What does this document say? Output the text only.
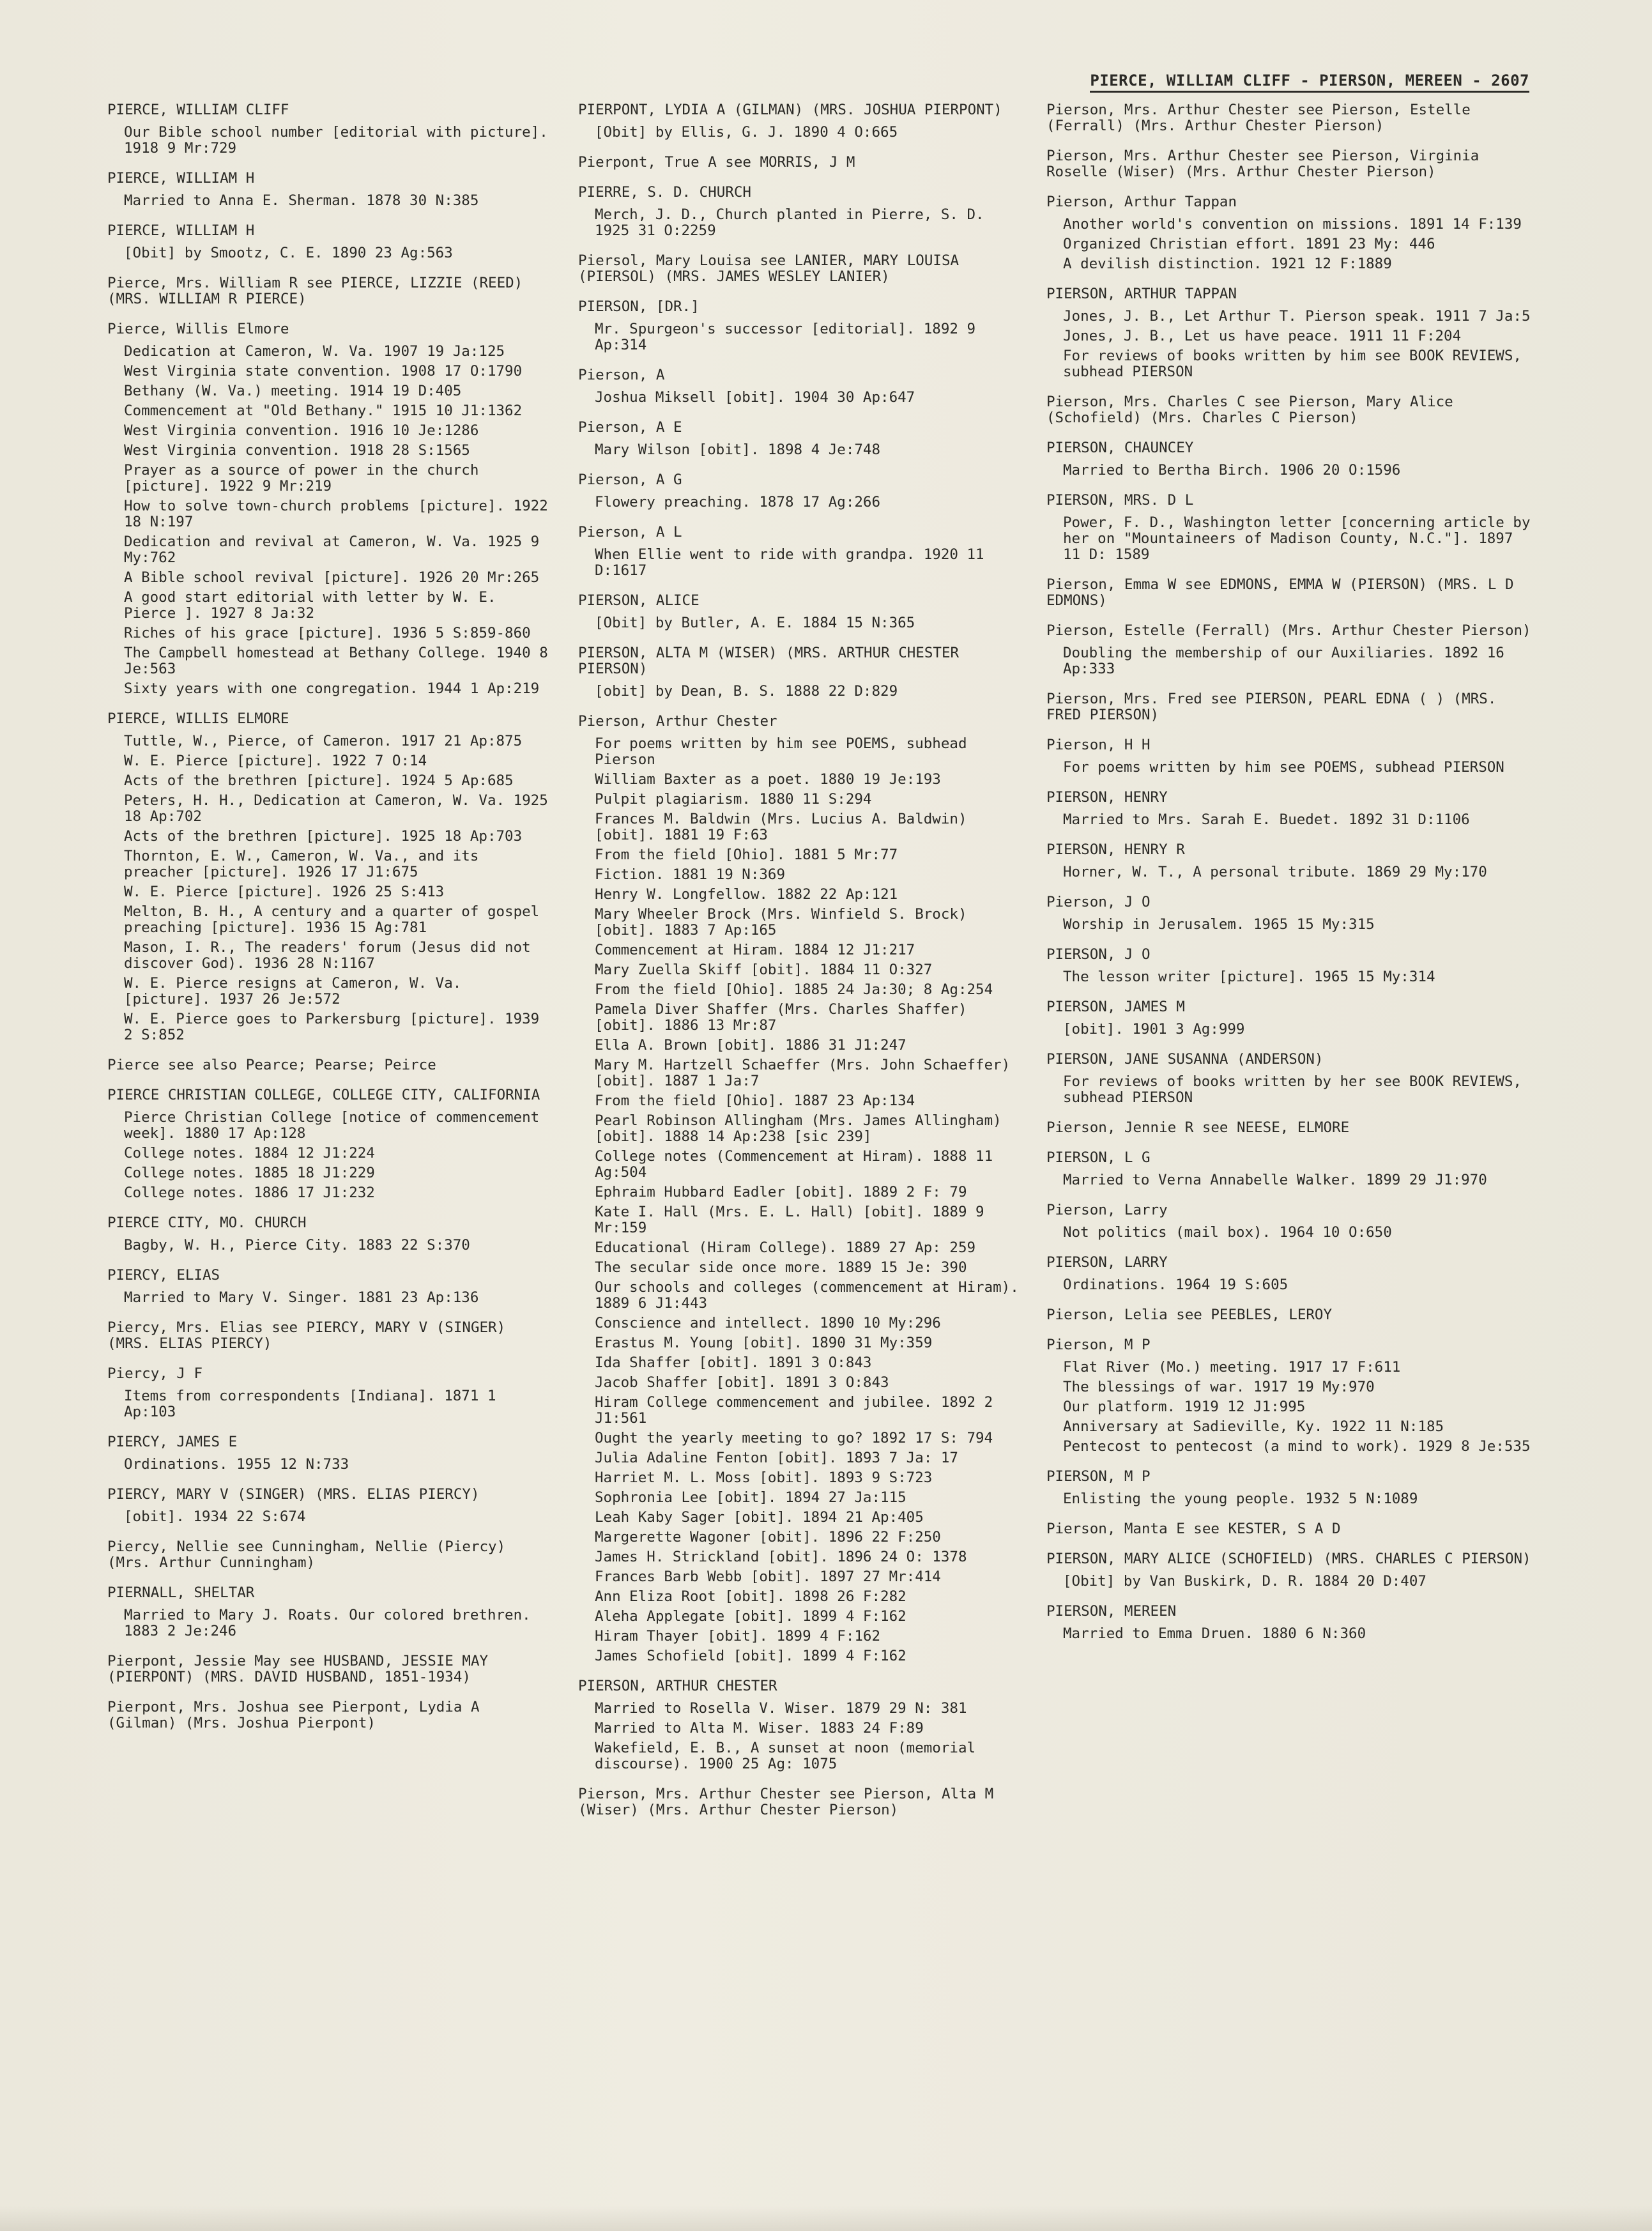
PIERCE, WILLIAM CLIFF - PIERSON, MEREEN - 2607
PIERCE, WILLIAM CLIFF
Our Bible school number [editorial with picture]. 1918 9 Mr:729
PIERCE, WILLIAM H
Married to Anna E. Sherman. 1878 30 N:385
PIERCE, WILLIAM H
[Obit] by Smootz, C. E. 1890 23 Ag:563
Pierce, Mrs. William R see PIERCE, LIZZIE (REED) (MRS. WILLIAM R PIERCE)
Pierce, Willis Elmore
Dedication at Cameron, W. Va. 1907 19 Ja:125
West Virginia state convention. 1908 17 O:1790
Bethany (W. Va.) meeting. 1914 19 D:405
Commencement at "Old Bethany." 1915 10 J1:1362
West Virginia convention. 1916 10 Je:1286
West Virginia convention. 1918 28 S:1565
Prayer as a source of power in the church [picture]. 1922 9 Mr:219
How to solve town-church problems [picture]. 1922 18 N:197
Dedication and revival at Cameron, W. Va. 1925 9 My:762
A Bible school revival [picture]. 1926 20 Mr:265
A good start editorial with letter by W. E. Pierce ]. 1927 8 Ja:32
Riches of his grace [picture]. 1936 5 S:859-860
The Campbell homestead at Bethany College. 1940 8 Je:563
Sixty years with one congregation. 1944 1 Ap:219
PIERCE, WILLIS ELMORE
Tuttle, W., Pierce, of Cameron. 1917 21 Ap:875
W. E. Pierce [picture]. 1922 7 O:14
Acts of the brethren [picture]. 1924 5 Ap:685
Peters, H. H., Dedication at Cameron, W. Va. 1925 18 Ap:702
Acts of the brethren [picture]. 1925 18 Ap:703
Thornton, E. W., Cameron, W. Va., and its preacher [picture]. 1926 17 J1:675
W. E. Pierce [picture]. 1926 25 S:413
Melton, B. H., A century and a quarter of gospel preaching [picture]. 1936 15 Ag:781
Mason, I. R., The readers' forum (Jesus did not discover God). 1936 28 N:1167
W. E. Pierce resigns at Cameron, W. Va. [picture]. 1937 26 Je:572
W. E. Pierce goes to Parkersburg [picture]. 1939 2 S:852
Pierce see also Pearce; Pearse; Peirce
PIERCE CHRISTIAN COLLEGE, COLLEGE CITY, CALIFORNIA
Pierce Christian College [notice of commencement week]. 1880 17 Ap:128
College notes. 1884 12 J1:224
College notes. 1885 18 J1:229
College notes. 1886 17 J1:232
PIERCE CITY, MO. CHURCH
Bagby, W. H., Pierce City. 1883 22 S:370
PIERCY, ELIAS
Married to Mary V. Singer. 1881 23 Ap:136
Piercy, Mrs. Elias see PIERCY, MARY V (SINGER) (MRS. ELIAS PIERCY)
Piercy, J F
Items from correspondents [Indiana]. 1871 1 Ap:103
PIERCY, JAMES E
Ordinations. 1955 12 N:733
PIERCY, MARY V (SINGER) (MRS. ELIAS PIERCY)
[obit]. 1934 22 S:674
Piercy, Nellie see Cunningham, Nellie (Piercy) (Mrs. Arthur Cunningham)
PIERNALL, SHELTAR
Married to Mary J. Roats. Our colored brethren. 1883 2 Je:246
Pierpont, Jessie May see HUSBAND, JESSIE MAY (PIERPONT) (MRS. DAVID HUSBAND, 1851-1934)
Pierpont, Mrs. Joshua see Pierpont, Lydia A (Gilman) (Mrs. Joshua Pierpont)
PIERPONT, LYDIA A (GILMAN) (MRS. JOSHUA PIERPONT)
[Obit] by Ellis, G. J. 1890 4 O:665
Pierpont, True A see MORRIS, J M
PIERRE, S. D. CHURCH
Merch, J. D., Church planted in Pierre, S. D. 1925 31 O:2259
Piersol, Mary Louisa see LANIER, MARY LOUISA (PIERSOL) (MRS. JAMES WESLEY LANIER)
PIERSON, [DR.]
Mr. Spurgeon's successor [editorial]. 1892 9 Ap:314
Pierson, A
Joshua Miksell [obit]. 1904 30 Ap:647
Pierson, A E
Mary Wilson [obit]. 1898 4 Je:748
Pierson, A G
Flowery preaching. 1878 17 Ag:266
Pierson, A L
When Ellie went to ride with grandpa. 1920 11 D:1617
PIERSON, ALICE
[Obit] by Butler, A. E. 1884 15 N:365
PIERSON, ALTA M (WISER) (MRS. ARTHUR CHESTER PIERSON)
[obit] by Dean, B. S. 1888 22 D:829
Pierson, Arthur Chester
For poems written by him see POEMS, subhead Pierson
William Baxter as a poet. 1880 19 Je:193
Pulpit plagiarism. 1880 11 S:294
Frances M. Baldwin (Mrs. Lucius A. Baldwin) [obit]. 1881 19 F:63
From the field [Ohio]. 1881 5 Mr:77
Fiction. 1881 19 N:369
Henry W. Longfellow. 1882 22 Ap:121
Mary Wheeler Brock (Mrs. Winfield S. Brock) [obit]. 1883 7 Ap:165
Commencement at Hiram. 1884 12 J1:217
Mary Zuella Skiff [obit]. 1884 11 O:327
From the field [Ohio]. 1885 24 Ja:30; 8 Ag:254
Pamela Diver Shaffer (Mrs. Charles Shaffer) [obit]. 1886 13 Mr:87
Ella A. Brown [obit]. 1886 31 J1:247
Mary M. Hartzell Schaeffer (Mrs. John Schaeffer) [obit]. 1887 1 Ja:7
From the field [Ohio]. 1887 23 Ap:134
Pearl Robinson Allingham (Mrs. James Allingham) [obit]. 1888 14 Ap:238 [sic 239]
College notes (Commencement at Hiram). 1888 11 Ag:504
Ephraim Hubbard Eadler [obit]. 1889 2 F: 79
Kate I. Hall (Mrs. E. L. Hall) [obit]. 1889 9 Mr:159
Educational (Hiram College). 1889 27 Ap: 259
The secular side once more. 1889 15 Je: 390
Our schools and colleges (commencement at Hiram). 1889 6 J1:443
Conscience and intellect. 1890 10 My:296
Erastus M. Young [obit]. 1890 31 My:359
Ida Shaffer [obit]. 1891 3 O:843
Jacob Shaffer [obit]. 1891 3 O:843
Hiram College commencement and jubilee. 1892 2 J1:561
Ought the yearly meeting to go? 1892 17 S: 794
Julia Adaline Fenton [obit]. 1893 7 Ja: 17
Harriet M. L. Moss [obit]. 1893 9 S:723
Sophronia Lee [obit]. 1894 27 Ja:115
Leah Kaby Sager [obit]. 1894 21 Ap:405
Margerette Wagoner [obit]. 1896 22 F:250
James H. Strickland [obit]. 1896 24 O: 1378
Frances Barb Webb [obit]. 1897 27 Mr:414
Ann Eliza Root [obit]. 1898 26 F:282
Aleha Applegate [obit]. 1899 4 F:162
Hiram Thayer [obit]. 1899 4 F:162
James Schofield [obit]. 1899 4 F:162
PIERSON, ARTHUR CHESTER
Married to Rosella V. Wiser. 1879 29 N: 381
Married to Alta M. Wiser. 1883 24 F:89
Wakefield, E. B., A sunset at noon (memorial discourse). 1900 25 Ag: 1075
Pierson, Mrs. Arthur Chester see Pierson, Alta M (Wiser) (Mrs. Arthur Chester Pierson)
Pierson, Mrs. Arthur Chester see Pierson, Estelle (Ferrall) (Mrs. Arthur Chester Pierson)
Pierson, Mrs. Arthur Chester see Pierson, Virginia Roselle (Wiser) (Mrs. Arthur Chester Pierson)
Pierson, Arthur Tappan
Another world's convention on missions. 1891 14 F:139
Organized Christian effort. 1891 23 My: 446
A devilish distinction. 1921 12 F:1889
PIERSON, ARTHUR TAPPAN
Jones, J. B., Let Arthur T. Pierson speak. 1911 7 Ja:5
Jones, J. B., Let us have peace. 1911 11 F:204
For reviews of books written by him see BOOK REVIEWS, subhead PIERSON
Pierson, Mrs. Charles C see Pierson, Mary Alice (Schofield) (Mrs. Charles C Pierson)
PIERSON, CHAUNCEY
Married to Bertha Birch. 1906 20 O:1596
PIERSON, MRS. D L
Power, F. D., Washington letter [concerning article by her on "Mountaineers of Madison County, N.C."]. 1897 11 D: 1589
Pierson, Emma W see EDMONS, EMMA W (PIERSON) (MRS. L D EDMONS)
Pierson, Estelle (Ferrall) (Mrs. Arthur Chester Pierson)
Doubling the membership of our Auxiliaries. 1892 16 Ap:333
Pierson, Mrs. Fred see PIERSON, PEARL EDNA ( ) (MRS. FRED PIERSON)
Pierson, H H
For poems written by him see POEMS, subhead PIERSON
PIERSON, HENRY
Married to Mrs. Sarah E. Buedet. 1892 31 D:1106
PIERSON, HENRY R
Horner, W. T., A personal tribute. 1869 29 My:170
Pierson, J O
Worship in Jerusalem. 1965 15 My:315
PIERSON, J O
The lesson writer [picture]. 1965 15 My:314
PIERSON, JAMES M
[obit]. 1901 3 Ag:999
PIERSON, JANE SUSANNA (ANDERSON)
For reviews of books written by her see BOOK REVIEWS, subhead PIERSON
Pierson, Jennie R see NEESE, ELMORE
PIERSON, L G
Married to Verna Annabelle Walker. 1899 29 J1:970
Pierson, Larry
Not politics (mail box). 1964 10 O:650
PIERSON, LARRY
Ordinations. 1964 19 S:605
Pierson, Lelia see PEEBLES, LEROY
Pierson, M P
Flat River (Mo.) meeting. 1917 17 F:611
The blessings of war. 1917 19 My:970
Our platform. 1919 12 J1:995
Anniversary at Sadieville, Ky. 1922 11 N:185
Pentecost to pentecost (a mind to work). 1929 8 Je:535
PIERSON, M P
Enlisting the young people. 1932 5 N:1089
Pierson, Manta E see KESTER, S A D
PIERSON, MARY ALICE (SCHOFIELD) (MRS. CHARLES C PIERSON)
[Obit] by Van Buskirk, D. R. 1884 20 D:407
PIERSON, MEREEN
Married to Emma Druen. 1880 6 N:360
